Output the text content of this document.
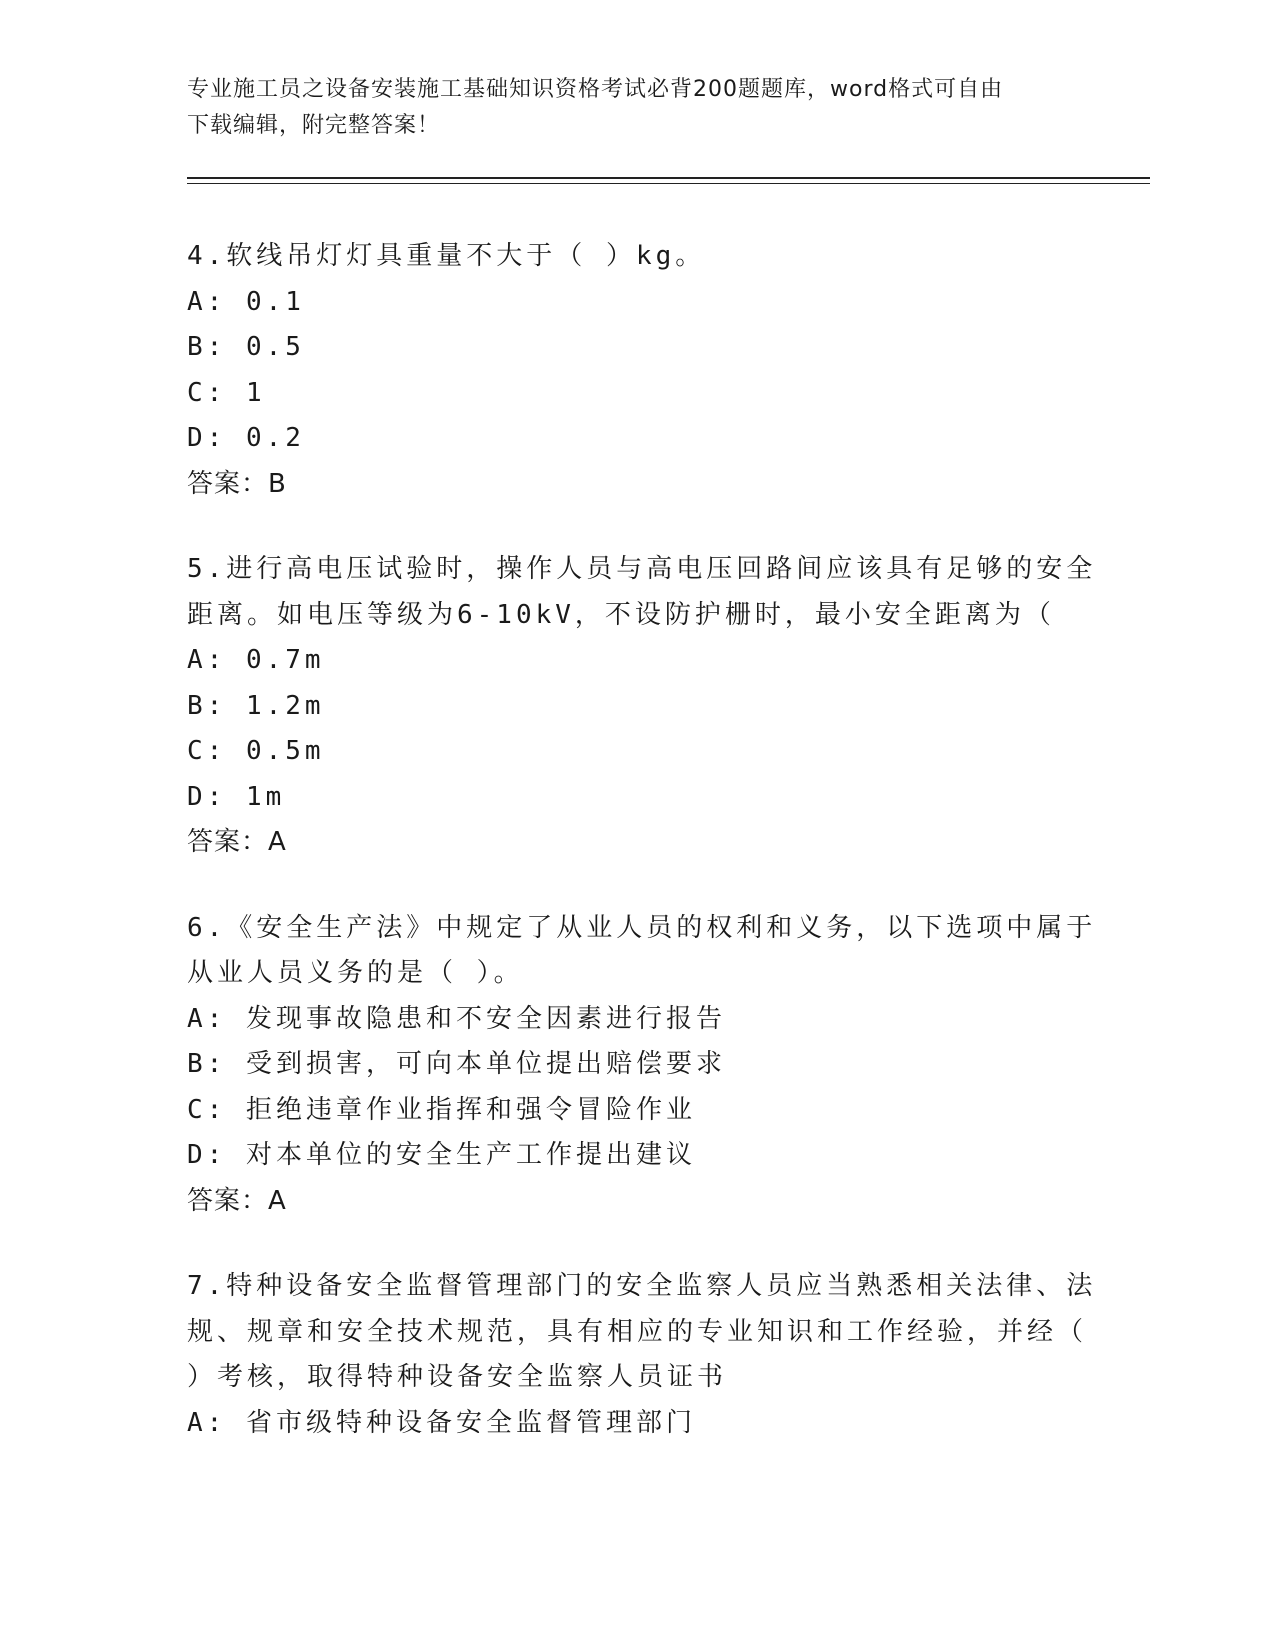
专业施工员之设备安装施工基础知识资格考试必背200题题库，word格式可自由
下载编辑，附完整答案！
4.软线吊灯灯具重量不大于（ ）kg。
A: 0.1
B: 0.5
C: 1
D: 0.2
答案：B
5.进行高电压试验时，操作人员与高电压回路间应该具有足够的安全
距离。如电压等级为6-10kV，不设防护栅时，最小安全距离为（
A: 0.7m
B: 1.2m
C: 0.5m
D: 1m
答案：A
6.《安全生产法》中规定了从业人员的权利和义务，以下选项中属于
从业人员义务的是（ ）。
A: 发现事故隐患和不安全因素进行报告
B: 受到损害，可向本单位提出赔偿要求
C: 拒绝违章作业指挥和强令冒险作业
D: 对本单位的安全生产工作提出建议
答案：A
7.特种设备安全监督管理部门的安全监察人员应当熟悉相关法律、法
规、规章和安全技术规范，具有相应的专业知识和工作经验，并经（
）考核，取得特种设备安全监察人员证书
A: 省市级特种设备安全监督管理部门
